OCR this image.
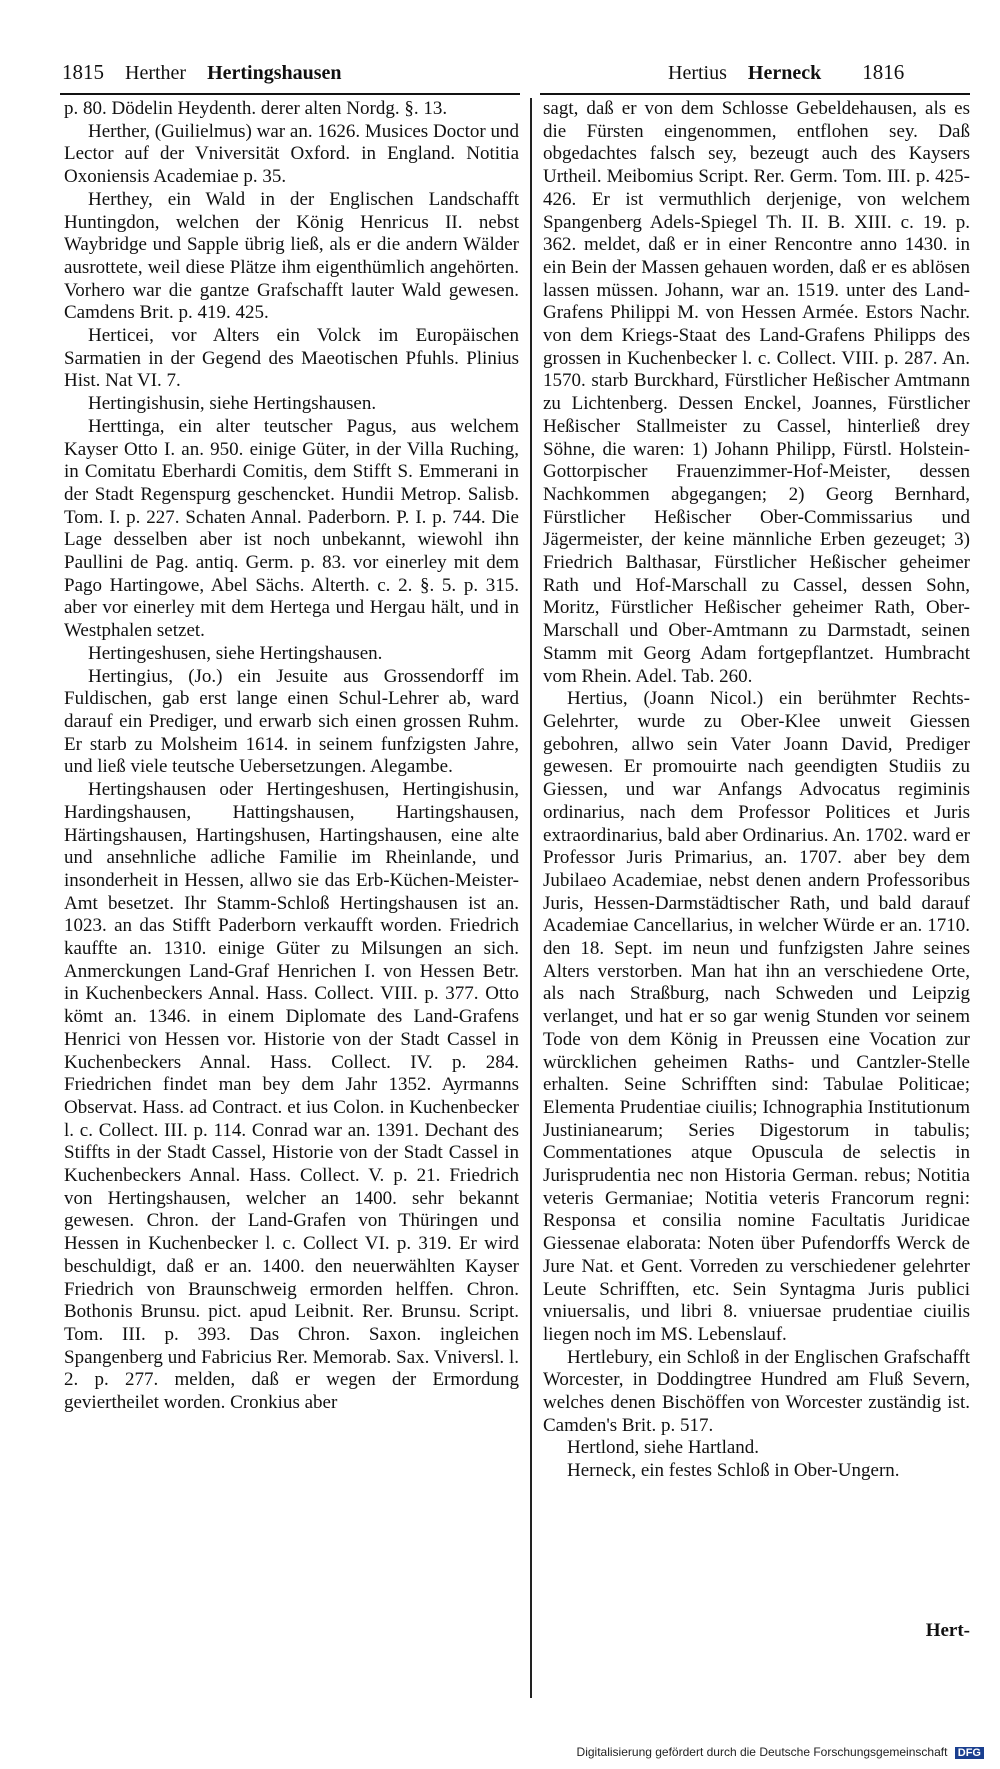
1815 Herther Hertingshausen	Hertius Herneck 1816

p. 80. Dödelin Heydenth. derer alten Nordg. §. 13.

Herther, (Guilielmus) war an. 1626. Musices Doctor und Lector auf der Vniversität Oxford. in England. Notitia Oxoniensis Academiae p. 35.

Herthey, ein Wald in der Englischen Landschafft Huntingdon, welchen der König Henricus II. nebst Waybridge und Sapple übrig ließ, als er die andern Wälder ausrottete, weil diese Plätze ihm eigenthümlich angehörten. Vorhero war die gantze Grafschafft lauter Wald gewesen. Camdens Brit. p. 419. 425.

Herticei, vor Alters ein Volck im Europäischen Sarmatien in der Gegend des Maeotischen Pfuhls. Plinius Hist. Nat VI. 7.

Hertingishusin, siehe Hertingshausen.

Herttinga, ein alter teutscher Pagus, aus welchem Kayser Otto I. an. 950. einige Güter, in der Villa Ruching, in Comitatu Eberhardi Comitis, dem Stifft S. Emmerani in der Stadt Regenspurg geschencket. Hundii Metrop. Salisb. Tom. I. p. 227. Schaten Annal. Paderborn. P. I. p. 744. Die Lage desselben aber ist noch unbekannt, wiewohl ihn Paullini de Pag. antiq. Germ. p. 83. vor einerley mit dem Pago Hartingowe, Abel Sächs. Alterth. c. 2. §. 5. p. 315. aber vor einerley mit dem Hertega und Hergau hält, und in Westphalen setzet.

Hertingeshusen, siehe Hertingshausen.

Hertingius, (Jo.) ein Jesuite aus Grossendorff im Fuldischen, gab erst lange einen Schul-Lehrer ab, ward darauf ein Prediger, und erwarb sich einen grossen Ruhm. Er starb zu Molsheim 1614. in seinem funfzigsten Jahre, und ließ viele teutsche Uebersetzungen. Alegambe.

Hertingshausen oder Hertingeshusen, Hertingishusin, Hardingshausen, Hattingshausen, Hartingshausen, Härtingshausen, Hartingshusen, Hartingshausen, eine alte und ansehnliche adliche Familie im Rheinlande, und insonderheit in Hessen, allwo sie das Erb-Küchen-Meister-Amt besetzet. Ihr Stamm-Schloß Hertingshausen ist an. 1023. an das Stifft Paderborn verkaufft worden. Friedrich kauffte an. 1310. einige Güter zu Milsungen an sich. Anmerckungen Land-Graf Henrichen I. von Hessen Betr. in Kuchenbeckers Annal. Hass. Collect. VIII. p. 377. Otto kömt an. 1346. in einem Diplomate des Land-Grafens Henrici von Hessen vor. Historie von der Stadt Cassel in Kuchenbeckers Annal. Hass. Collect. IV. p. 284. Friedrichen findet man bey dem Jahr 1352. Ayrmanns Observat. Hass. ad Contract. et ius Colon. in Kuchenbecker l. c. Collect. III. p. 114. Conrad war an. 1391. Dechant des Stiffts in der Stadt Cassel, Historie von der Stadt Cassel in Kuchenbeckers Annal. Hass. Collect. V. p. 21. Friedrich von Hertingshausen, welcher an 1400. sehr bekannt gewesen. Chron. der Land-Grafen von Thüringen und Hessen in Kuchenbecker l. c. Collect VI. p. 319. Er wird beschuldigt, daß er an. 1400. den neuerwählten Kayser Friedrich von Braunschweig ermorden helffen. Chron. Bothonis Brunsu. pict. apud Leibnit. Rer. Brunsu. Script. Tom. III. p. 393. Das Chron. Saxon. ingleichen Spangenberg und Fabricius Rer. Memorab. Sax. Vniversl. l. 2. p. 277. melden, daß er wegen der Ermordung geviertheilet worden. Cronkius aber

sagt, daß er von dem Schlosse Gebeldehausen, als es die Fürsten eingenommen, entflohen sey. Daß obgedachtes falsch sey, bezeugt auch des Kaysers Urtheil. Meibomius Script. Rer. Germ. Tom. III. p. 425-426. Er ist vermuthlich derjenige, von welchem Spangenberg Adels-Spiegel Th. II. B. XIII. c. 19. p. 362. meldet, daß er in einer Rencontre anno 1430. in ein Bein der Massen gehauen worden, daß er es ablösen lassen müssen. Johann, war an. 1519. unter des Land-Grafens Philippi M. von Hessen Armée. Estors Nachr. von dem Kriegs-Staat des Land-Grafens Philipps des grossen in Kuchenbecker l. c. Collect. VIII. p. 287. An. 1570. starb Burckhard, Fürstlicher Heßischer Amtmann zu Lichtenberg. Dessen Enckel, Joannes, Fürstlicher Heßischer Stallmeister zu Cassel, hinterließ drey Söhne, die waren: 1) Johann Philipp, Fürstl. Holstein-Gottorpischer Frauenzimmer-Hof-Meister, dessen Nachkommen abgegangen; 2) Georg Bernhard, Fürstlicher Heßischer Ober-Commissarius und Jägermeister, der keine männliche Erben gezeuget; 3) Friedrich Balthasar, Fürstlicher Heßischer geheimer Rath und Hof-Marschall zu Cassel, dessen Sohn, Moritz, Fürstlicher Heßischer geheimer Rath, Ober-Marschall und Ober-Amtmann zu Darmstadt, seinen Stamm mit Georg Adam fortgepflantzet. Humbracht vom Rhein. Adel. Tab. 260.

Hertius, (Joann Nicol.) ein berühmter Rechts-Gelehrter, wurde zu Ober-Klee unweit Giessen gebohren, allwo sein Vater Joann David, Prediger gewesen. Er promouirte nach geendigten Studiis zu Giessen, und war Anfangs Advocatus regiminis ordinarius, nach dem Professor Politices et Juris extraordinarius, bald aber Ordinarius. An. 1702. ward er Professor Juris Primarius, an. 1707. aber bey dem Jubilaeo Academiae, nebst denen andern Professoribus Juris, Hessen-Darmstädtischer Rath, und bald darauf Academiae Cancellarius, in welcher Würde er an. 1710. den 18. Sept. im neun und funfzigsten Jahre seines Alters verstorben. Man hat ihn an verschiedene Orte, als nach Straßburg, nach Schweden und Leipzig verlanget, und hat er so gar wenig Stunden vor seinem Tode von dem König in Preussen eine Vocation zur würcklichen geheimen Raths- und Cantzler-Stelle erhalten. Seine Schrifften sind: Tabulae Politicae; Elementa Prudentiae ciuilis; Ichnographia Institutionum Justinianearum; Series Digestorum in tabulis; Commentationes atque Opuscula de selectis in Jurisprudentia nec non Historia German. rebus; Notitia veteris Germaniae; Notitia veteris Francorum regni: Responsa et consilia nomine Facultatis Juridicae Giessenae elaborata: Noten über Pufendorffs Werck de Jure Nat. et Gent. Vorreden zu verschiedener gelehrter Leute Schrifften, etc. Sein Syntagma Juris publici vniuersalis, und libri 8. vniuersae prudentiae ciuilis liegen noch im MS. Lebenslauf.

Hertlebury, ein Schloß in der Englischen Grafschafft Worcester, in Doddingtree Hundred am Fluß Severn, welches denen Bischöffen von Worcester zuständig ist. Camden's Brit. p. 517.

Hertlond, siehe Hartland.

Herneck, ein festes Schloß in Ober-Ungern.

Hert-
Digitalisierung gefördert durch die Deutsche Forschungsgemeinschaft DFG
